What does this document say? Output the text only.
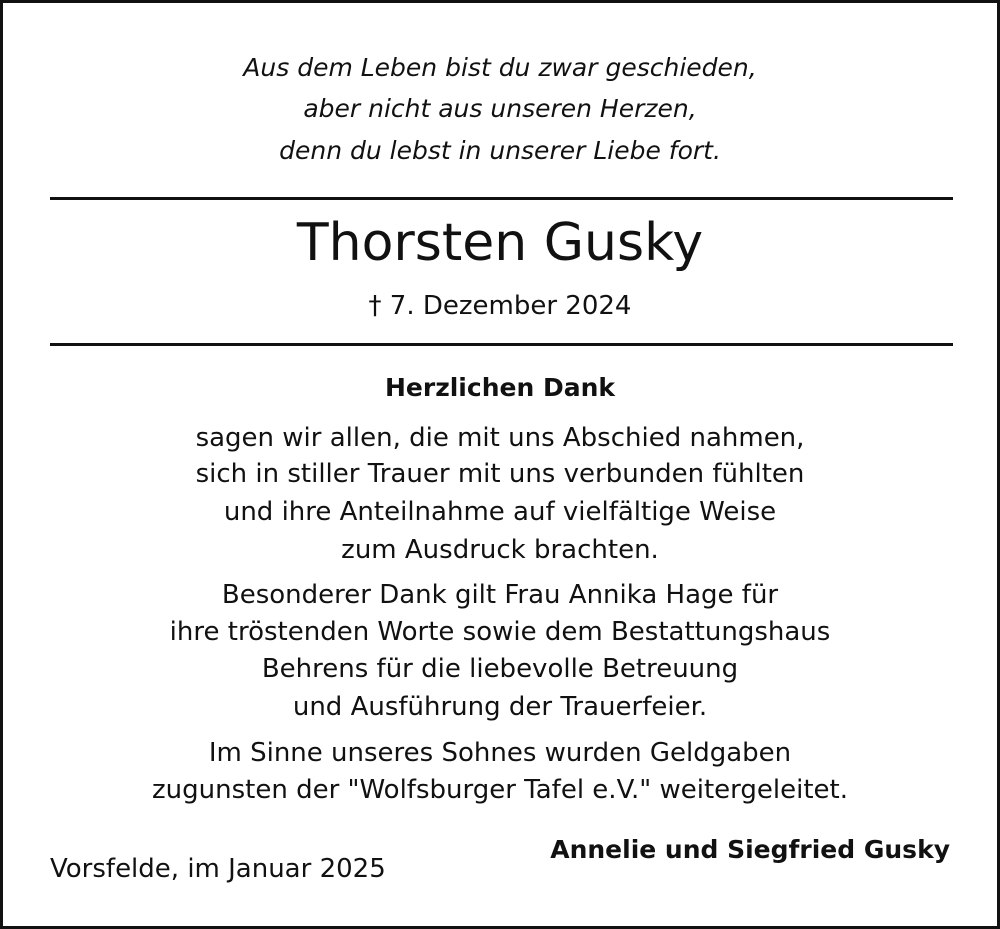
Aus dem Leben bist du zwar geschieden,
aber nicht aus unseren Herzen,
denn du lebst in unserer Liebe fort.
Thorsten Gusky
† 7. Dezember 2024
Herzlichen Dank
sagen wir allen, die mit uns Abschied nahmen,
sich in stiller Trauer mit uns verbunden fühlten
und ihre Anteilnahme auf vielfältige Weise
zum Ausdruck brachten.
Besonderer Dank gilt Frau Annika Hage für
ihre tröstenden Worte sowie dem Bestattungshaus
Behrens für die liebevolle Betreuung
und Ausführung der Trauerfeier.
Im Sinne unseres Sohnes wurden Geldgaben
zugunsten der "Wolfsburger Tafel e.V." weitergeleitet.
Annelie und Siegfried Gusky
Vorsfelde, im Januar 2025
